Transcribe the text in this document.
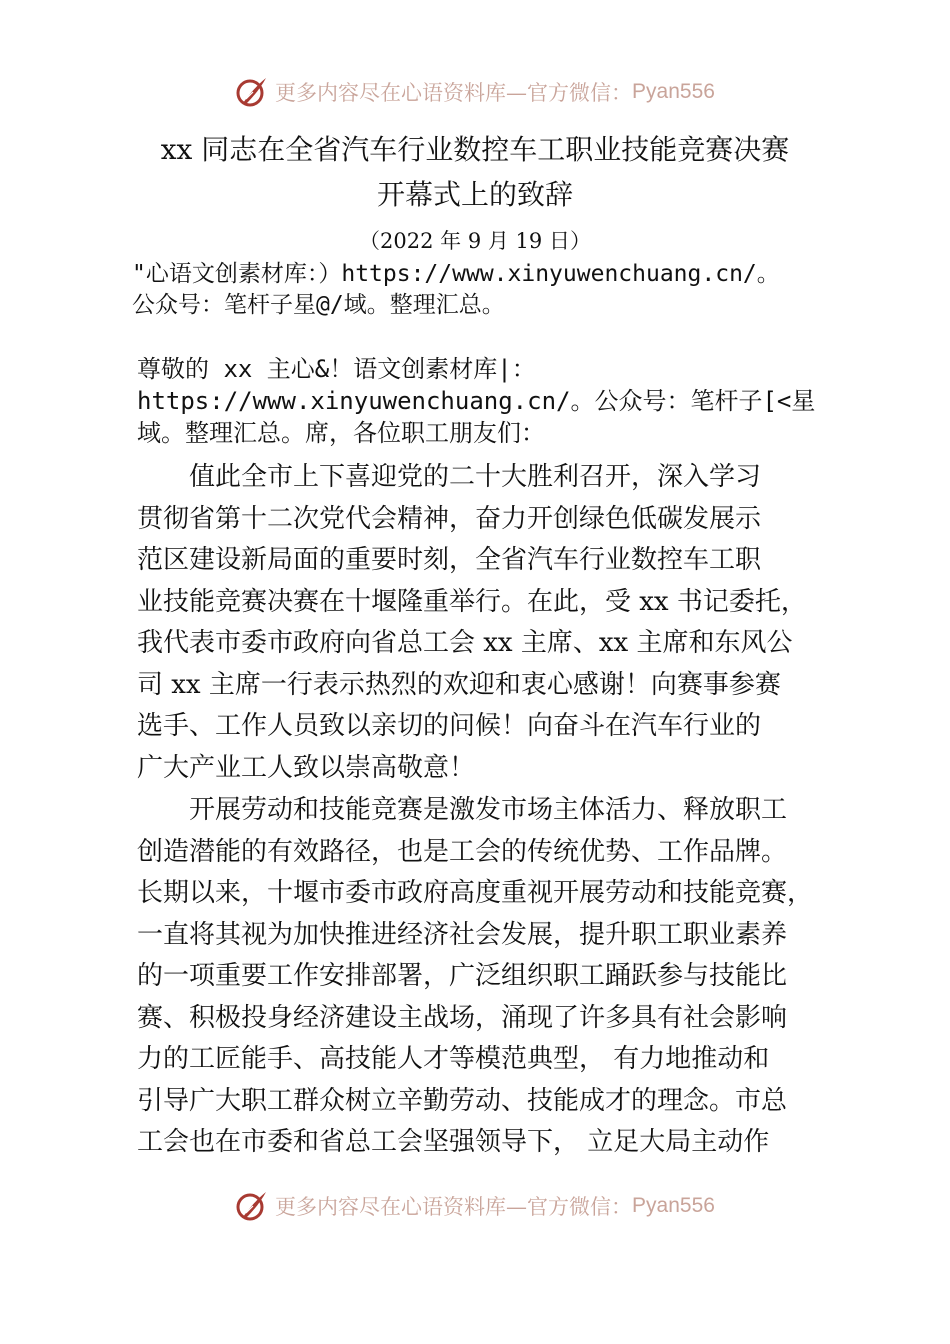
更多内容尽在心语资料库—官方微信： Pyan556
xx 同志在全省汽车行业数控车工职业技能竞赛决赛
开幕式上的致辞
（2022 年 9 月 19 日）
"心语文创素材库：）https://www.xinyuwenchuang.cn/。
公众号：笔杆子星@/域。整理汇总。
尊敬的 xx 主心&！语文创素材库|：
https://www.xinyuwenchuang.cn/。公众号：笔杆子[<星
域。整理汇总。席，各位职工朋友们：
　　值此全市上下喜迎党的二十大胜利召开，深入学习
贯彻省第十二次党代会精神，奋力开创绿色低碳发展示
范区建设新局面的重要时刻，全省汽车行业数控车工职
业技能竞赛决赛在十堰隆重举行。在此，受 xx 书记委托，
我代表市委市政府向省总工会 xx 主席、xx 主席和东风公
司 xx 主席一行表示热烈的欢迎和衷心感谢！向赛事参赛
选手、工作人员致以亲切的问候！向奋斗在汽车行业的
广大产业工人致以崇高敬意！
　　开展劳动和技能竞赛是激发市场主体活力、释放职工
创造潜能的有效路径，也是工会的传统优势、工作品牌。
长期以来，十堰市委市政府高度重视开展劳动和技能竞赛，
一直将其视为加快推进经济社会发展，提升职工职业素养
的一项重要工作安排部署，广泛组织职工踊跃参与技能比
赛、积极投身经济建设主战场，涌现了许多具有社会影响
力的工匠能手、高技能人才等模范典型， 有力地推动和
引导广大职工群众树立辛勤劳动、技能成才的理念。市总
工会也在市委和省总工会坚强领导下， 立足大局主动作
更多内容尽在心语资料库—官方微信： Pyan556
